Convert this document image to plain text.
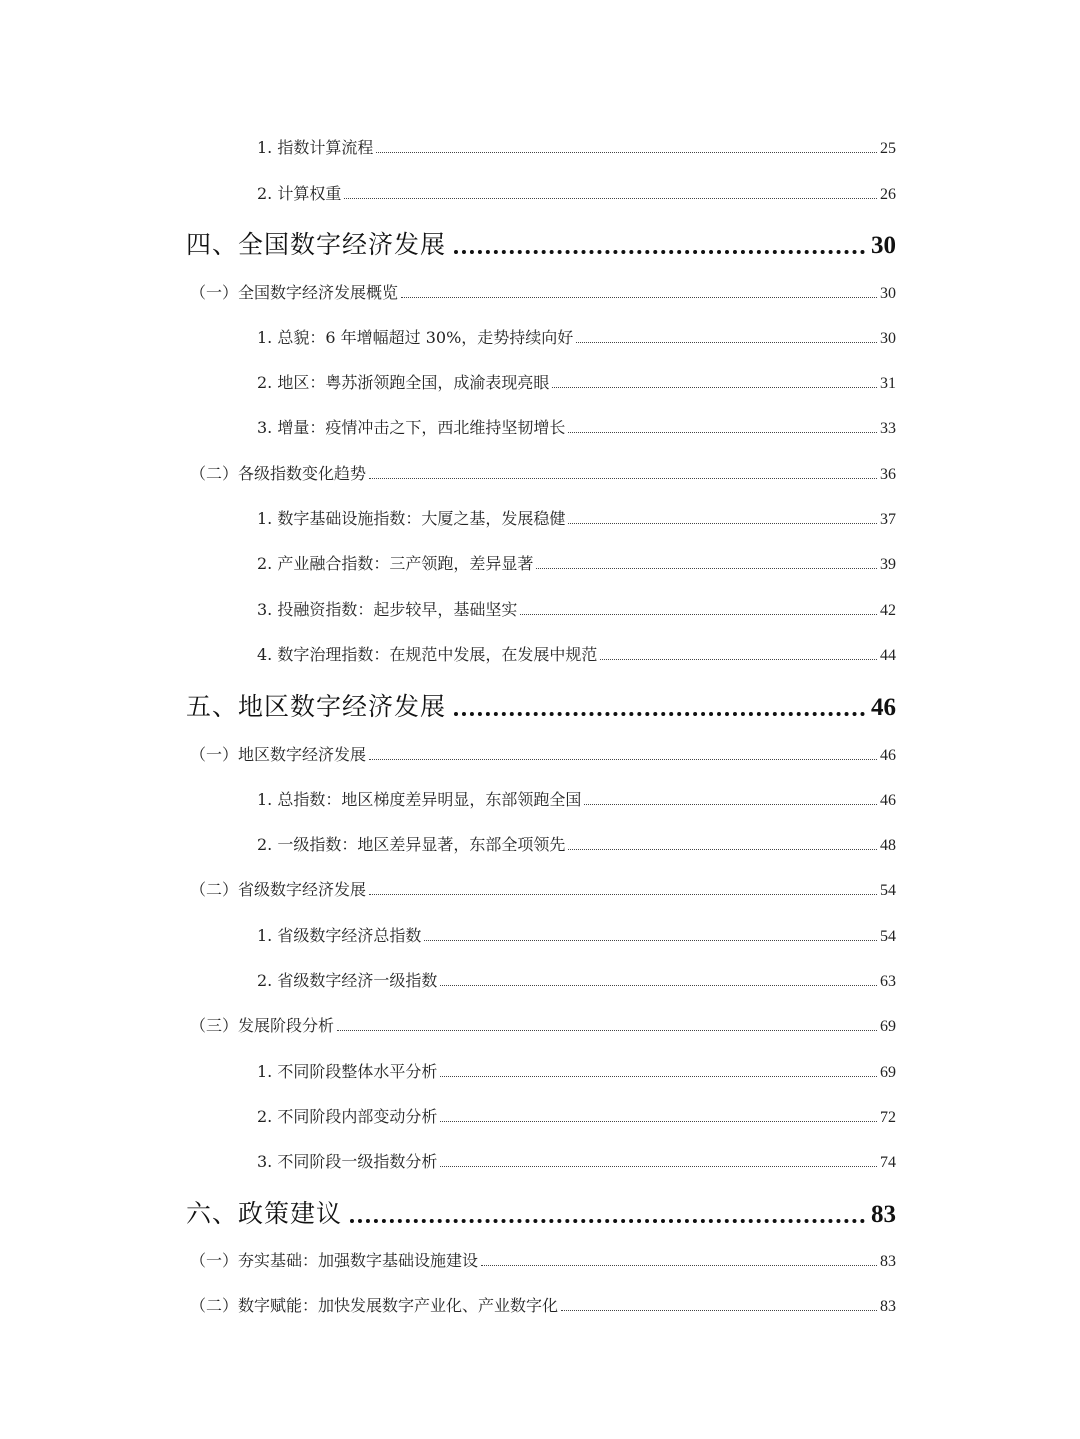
1. 指数计算流程	25
2. 计算权重	26
四、全国数字经济发展	30
（一）全国数字经济发展概览	30
1. 总貌：6 年增幅超过 30%，走势持续向好	30
2. 地区：粤苏浙领跑全国，成渝表现亮眼	31
3. 增量：疫情冲击之下，西北维持坚韧增长	33
（二）各级指数变化趋势	36
1. 数字基础设施指数：大厦之基，发展稳健	37
2. 产业融合指数：三产领跑，差异显著	39
3. 投融资指数：起步较早，基础坚实	42
4. 数字治理指数：在规范中发展，在发展中规范	44
五、地区数字经济发展	46
（一）地区数字经济发展	46
1. 总指数：地区梯度差异明显，东部领跑全国	46
2. 一级指数：地区差异显著，东部全项领先	48
（二）省级数字经济发展	54
1. 省级数字经济总指数	54
2. 省级数字经济一级指数	63
（三）发展阶段分析	69
1. 不同阶段整体水平分析	69
2. 不同阶段内部变动分析	72
3. 不同阶段一级指数分析	74
六、政策建议	83
（一）夯实基础：加强数字基础设施建设	83
（二）数字赋能：加快发展数字产业化、产业数字化	83
